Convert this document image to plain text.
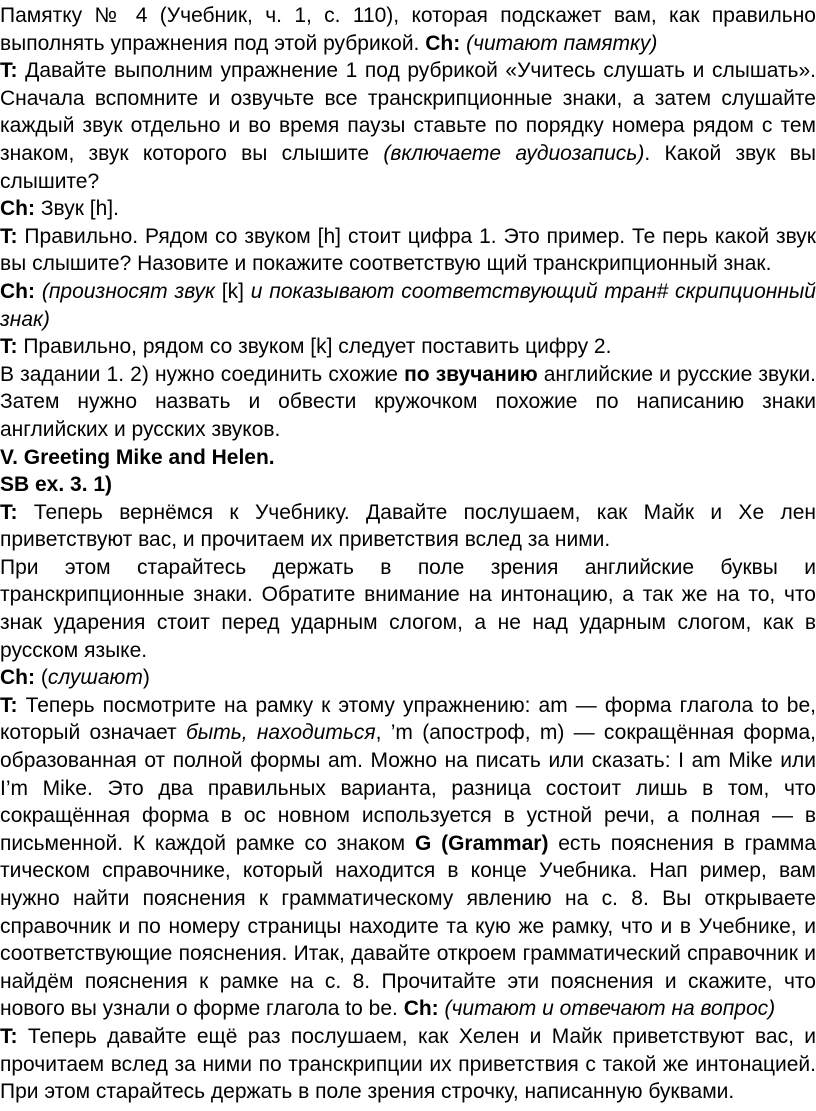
Памятку № 4 (Учебник, ч. 1, с. 110), которая подскажет вам, как правильно выполнять упражнения под этой рубрикой. Ch: (читают памятку)

T: Давайте выполним упражнение 1 под рубрикой «Учитесь слушать и слышать». Сначала вспомните и озвучьте все транскрипционные знаки, а затем слушайте каждый звук отдельно и во время паузы ставьте по порядку номера рядом с тем знаком, звук которого вы слышите (включаете аудиозапись). Какой звук вы слышите?

Ch: Звук [h].

T: Правильно. Рядом со звуком [h] стоит цифра 1. Это пример. Те перь какой звук вы слышите? Назовите и покажите соответствую щий транскрипционный знак.

Ch: (произносят звук [k] и показывают соответствующий тран# скрипционный знак)

T: Правильно, рядом со звуком [k] следует поставить цифру 2.

В задании 1. 2) нужно соединить схожие по звучанию английские и русские звуки. Затем нужно назвать и обвести кружочком похожие по написанию знаки английских и русских звуков.

V. Greeting Mike and Helen.

SB ex. 3. 1)

T: Теперь вернёмся к Учебнику. Давайте послушаем, как Майк и Хе лен приветствуют вас, и прочитаем их приветствия вслед за ними.

При этом старайтесь держать в поле зрения английские буквы и транскрипционные знаки. Обратите внимание на интонацию, а так же на то, что знак ударения стоит перед ударным слогом, а не над ударным слогом, как в русском языке.

Ch: (слушают)

T: Теперь посмотрите на рамку к этому упражнению: am — форма глагола to be, который означает быть, находиться, ’m (апостроф, m) — сокращённая форма, образованная от полной формы am. Можно на писать или сказать: I am Mike или I’m Mike. Это два правильных варианта, разница состоит лишь в том, что сокращённая форма в ос новном используется в устной речи, а полная — в письменной. К каждой рамке со знаком G (Grammar) есть пояснения в грамма тическом справочнике, который находится в конце Учебника. Нап ример, вам нужно найти пояснения к грамматическому явлению на с. 8. Вы открываете справочник и по номеру страницы находите та кую же рамку, что и в Учебнике, и соответствующие пояснения. Итак, давайте откроем грамматический справочник и найдём пояснения к рамке на с. 8. Прочитайте эти пояснения и скажите, что нового вы узнали о форме глагола to be. Ch: (читают и отвечают на вопрос)

T: Теперь давайте ещё раз послушаем, как Хелен и Майк приветствуют вас, и прочитаем вслед за ними по транскрипции их приветствия с такой же интонацией. При этом старайтесь держать в поле зрения строчку, написанную буквами.
